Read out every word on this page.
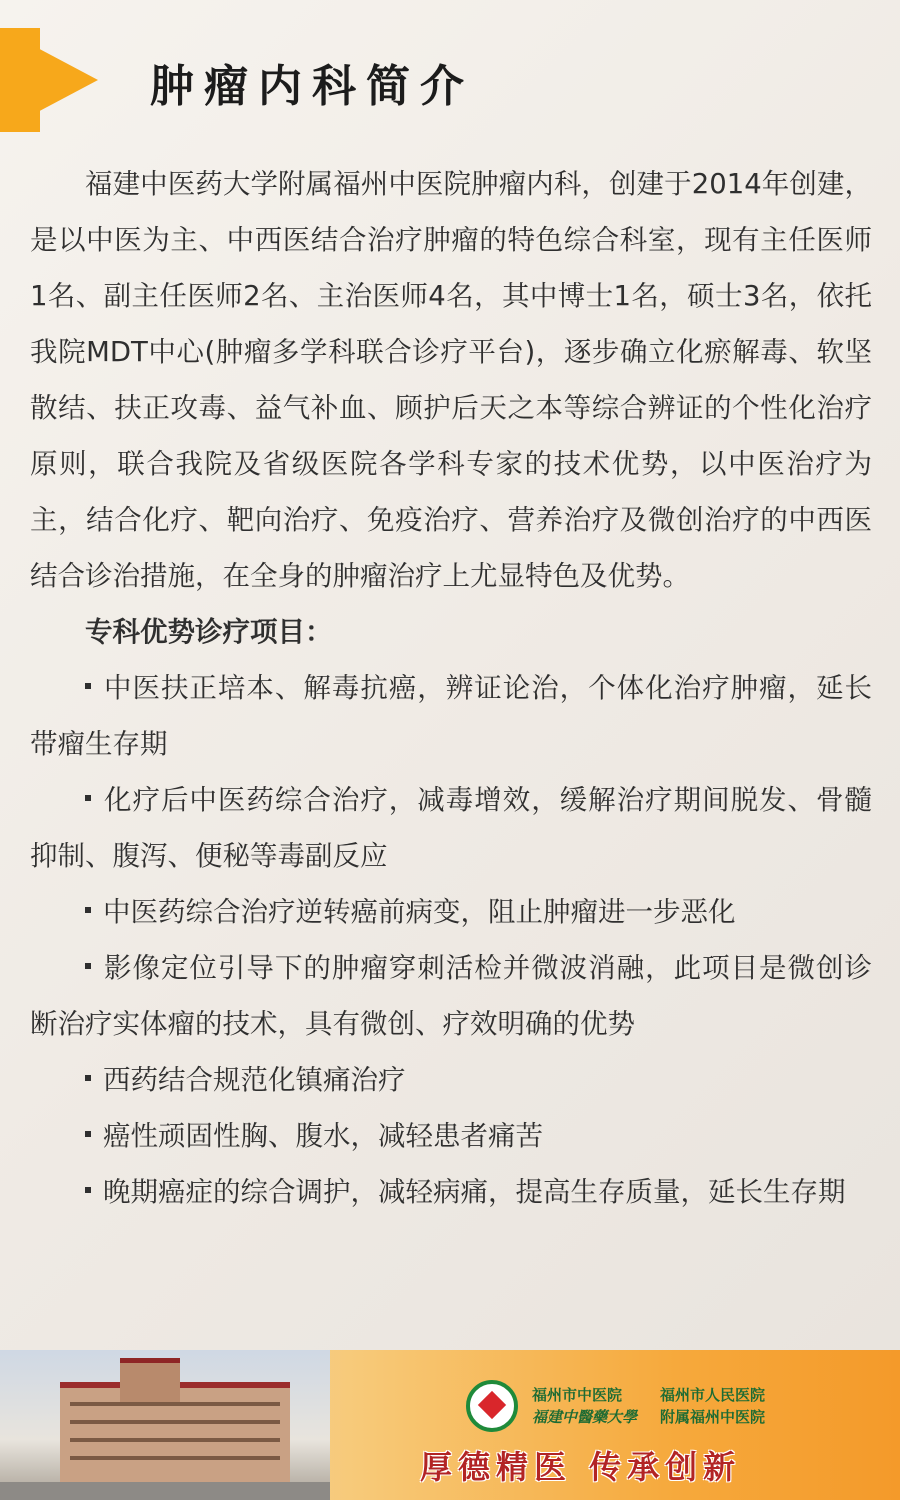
肿瘤内科简介

福建中医药大学附属福州中医院肿瘤内科，创建于2014年创建，是以中医为主、中西医结合治疗肿瘤的特色综合科室，现有主任医师1名、副主任医师2名、主治医师4名，其中博士1名，硕士3名，依托我院MDT中心(肿瘤多学科联合诊疗平台)，逐步确立化瘀解毒、软坚散结、扶正攻毒、益气补血、顾护后天之本等综合辨证的个性化治疗原则，联合我院及省级医院各学科专家的技术优势，以中医治疗为主，结合化疗、靶向治疗、免疫治疗、营养治疗及微创治疗的中西医结合诊治措施，在全身的肿瘤治疗上尤显特色及优势。

专科优势诊疗项目：

中医扶正培本、解毒抗癌，辨证论治，个体化治疗肿瘤，延长带瘤生存期

化疗后中医药综合治疗，减毒增效，缓解治疗期间脱发、骨髓抑制、腹泻、便秘等毒副反应

中医药综合治疗逆转癌前病变，阻止肿瘤进一步恶化

影像定位引导下的肿瘤穿刺活检并微波消融，此项目是微创诊断治疗实体瘤的技术，具有微创、疗效明确的优势

西药结合规范化镇痛治疗

癌性顽固性胸、腹水，减轻患者痛苦

晚期癌症的综合调护，减轻病痛，提高生存质量，延长生存期

福州市中医院	福州市人民医院
福建中醫藥大學 附属福州中医院
厚德精医 传承创新
